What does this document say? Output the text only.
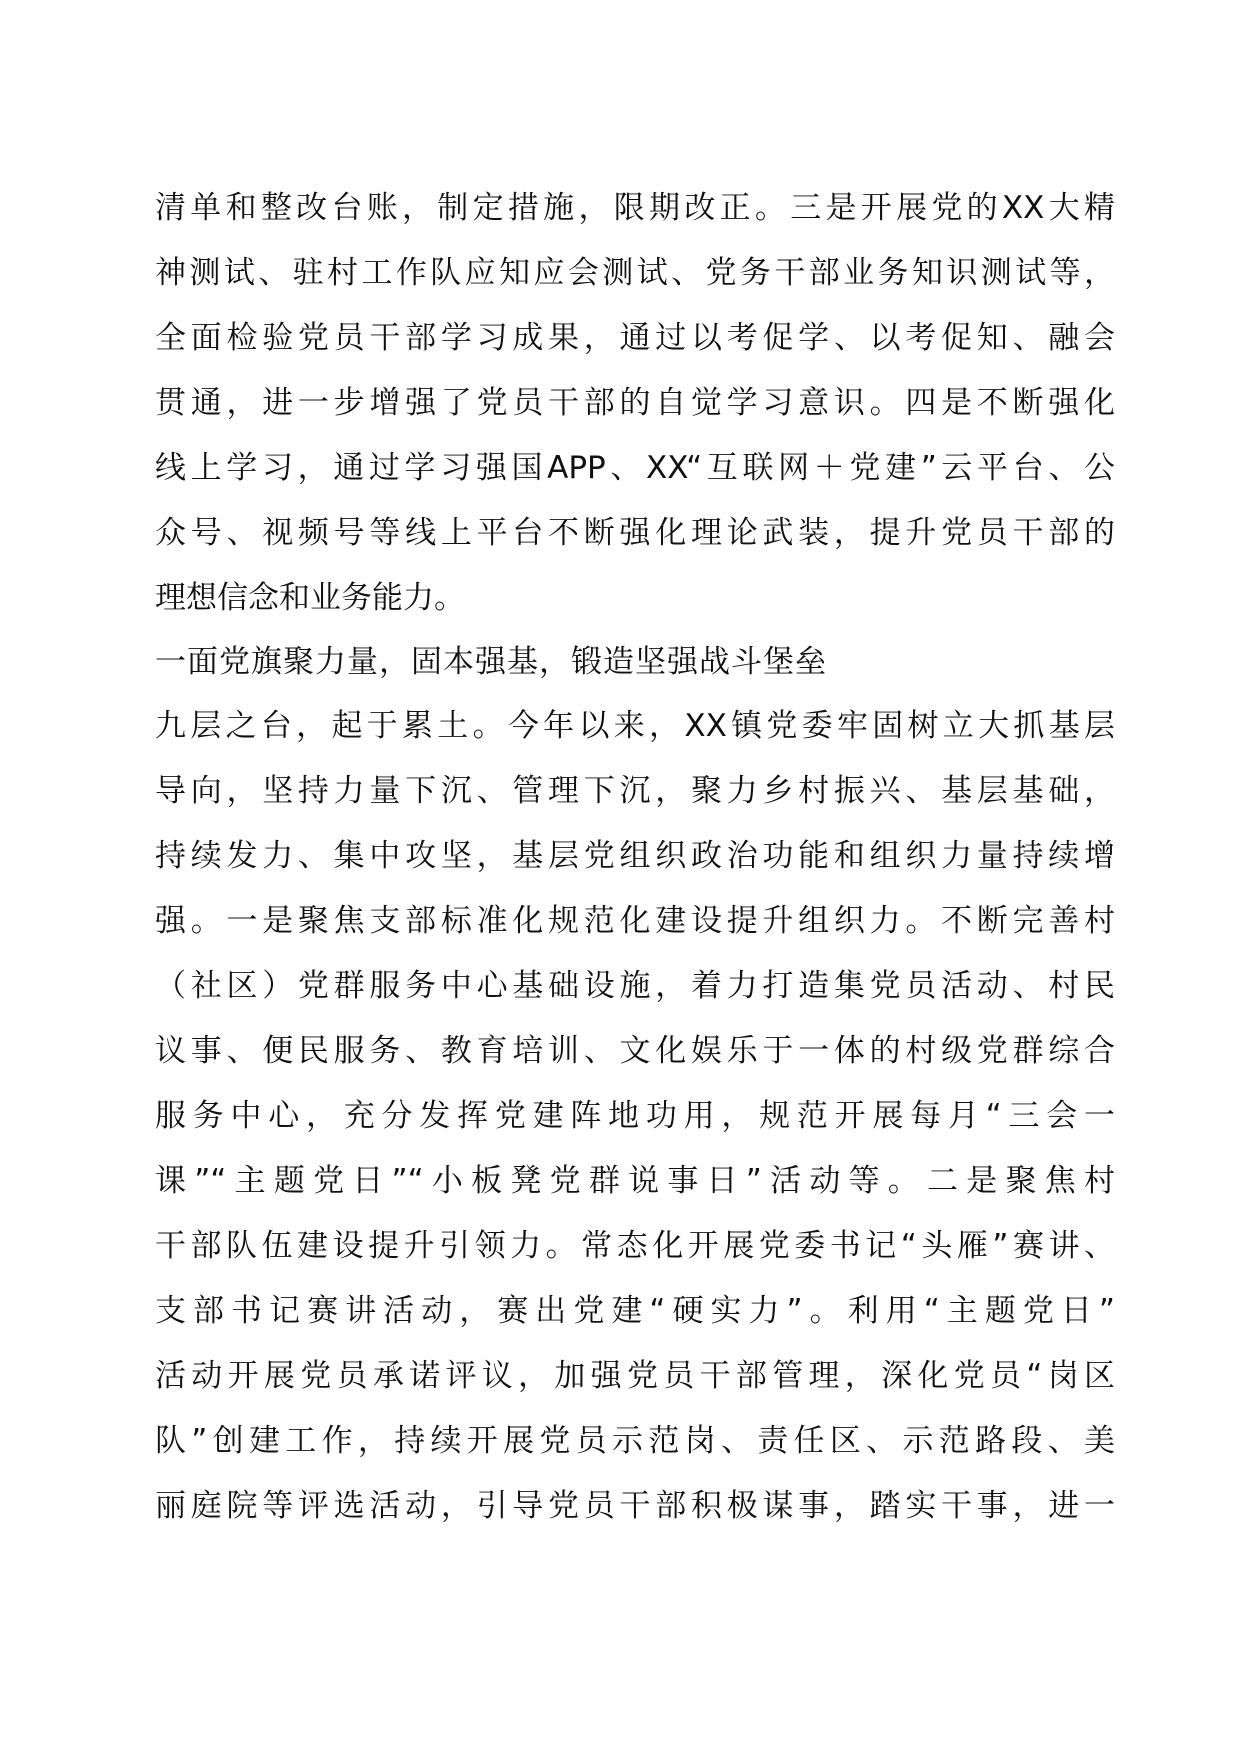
清单和整改台账，制定措施，限期改正。三是开展党的XX大精
神测试、驻村工作队应知应会测试、党务干部业务知识测试等，
全面检验党员干部学习成果，通过以考促学、以考促知、融会
贯通，进一步增强了党员干部的自觉学习意识。四是不断强化
线上学习，通过学习强国APP、XX“互联网＋党建”云平台、公
众号、视频号等线上平台不断强化理论武装，提升党员干部的
理想信念和业务能力。
一面党旗聚力量，固本强基，锻造坚强战斗堡垒
九层之台，起于累土。今年以来，XX镇党委牢固树立大抓基层
导向，坚持力量下沉、管理下沉，聚力乡村振兴、基层基础，
持续发力、集中攻坚，基层党组织政治功能和组织力量持续增
强。一是聚焦支部标准化规范化建设提升组织力。不断完善村
（社区）党群服务中心基础设施，着力打造集党员活动、村民
议事、便民服务、教育培训、文化娱乐于一体的村级党群综合
服务中心，充分发挥党建阵地功用，规范开展每月“三会一
课”“主题党日”“小板凳党群说事日”活动等。二是聚焦村
干部队伍建设提升引领力。常态化开展党委书记“头雁”赛讲、
支部书记赛讲活动，赛出党建“硬实力”。利用“主题党日”
活动开展党员承诺评议，加强党员干部管理，深化党员“岗区
队”创建工作，持续开展党员示范岗、责任区、示范路段、美
丽庭院等评选活动，引导党员干部积极谋事，踏实干事，进一
